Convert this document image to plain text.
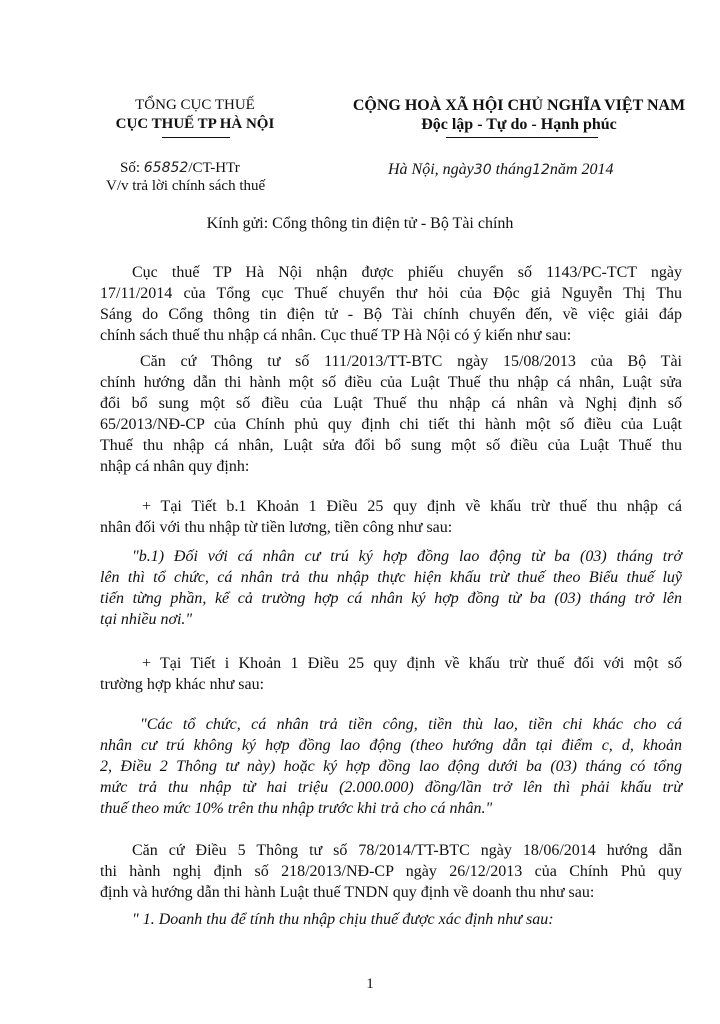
TỔNG CỤC THUẾ
CỤC THUẾ TP HÀ NỘI
CỘNG HOÀ XÃ HỘI CHỦ NGHĨA VIỆT NAM
Độc lập - Tự do - Hạnh phúc
Số: 65852/CT-HTr
V/v trả lời chính sách thuế
Hà Nội, ngày30 tháng12năm 2014
Kính gửi: Cổng thông tin điện tử - Bộ Tài chính

Cục thuế TP Hà Nội nhận được phiếu chuyển số 1143/PC-TCT ngày
17/11/2014 của Tổng cục Thuế chuyển thư hỏi của Độc giả Nguyễn Thị Thu
Sáng do Cổng thông tin điện tử - Bộ Tài chính chuyển đến, về việc giải đáp
chính sách thuế thu nhập cá nhân. Cục thuế TP Hà Nội có ý kiến như sau:

Căn cứ Thông tư số 111/2013/TT-BTC ngày 15/08/2013 của Bộ Tài
chính hướng dẫn thi hành một số điều của Luật Thuế thu nhập cá nhân, Luật sửa
đổi bổ sung một số điều của Luật Thuế thu nhập cá nhân và Nghị định số
65/2013/NĐ-CP của Chính phủ quy định chi tiết thi hành một số điều của Luật
Thuế thu nhập cá nhân, Luật sửa đổi bổ sung một số điều của Luật Thuế thu
nhập cá nhân quy định:

+ Tại Tiết b.1 Khoản 1 Điều 25 quy định về khấu trừ thuế thu nhập cá
nhân đối với thu nhập từ tiền lương, tiền công như sau:

"b.1) Đối với cá nhân cư trú ký hợp đồng lao động từ ba (03) tháng trở
lên thì tổ chức, cá nhân trả thu nhập thực hiện khấu trừ thuế theo Biểu thuế luỹ
tiến từng phần, kể cả trường hợp cá nhân ký hợp đồng từ ba (03) tháng trở lên
tại nhiều nơi."

+ Tại Tiết i Khoản 1 Điều 25 quy định về khấu trừ thuế đối với một số
trường hợp khác như sau:

"Các tổ chức, cá nhân trả tiền công, tiền thù lao, tiền chi khác cho cá
nhân cư trú không ký hợp đồng lao động (theo hướng dẫn tại điểm c, d, khoản
2, Điều 2 Thông tư này) hoặc ký hợp đồng lao động dưới ba (03) tháng có tổng
mức trả thu nhập từ hai triệu (2.000.000) đồng/lần trở lên thì phải khấu trừ
thuế theo mức 10% trên thu nhập trước khi trả cho cá nhân."

Căn cứ Điều 5 Thông tư số 78/2014/TT-BTC ngày 18/06/2014 hướng dẫn
thi hành nghị định số 218/2013/NĐ-CP ngày 26/12/2013 của Chính Phủ quy
định và hướng dẫn thi hành Luật thuế TNDN quy định về doanh thu như sau:

" 1. Doanh thu để tính thu nhập chịu thuế được xác định như sau:

1
